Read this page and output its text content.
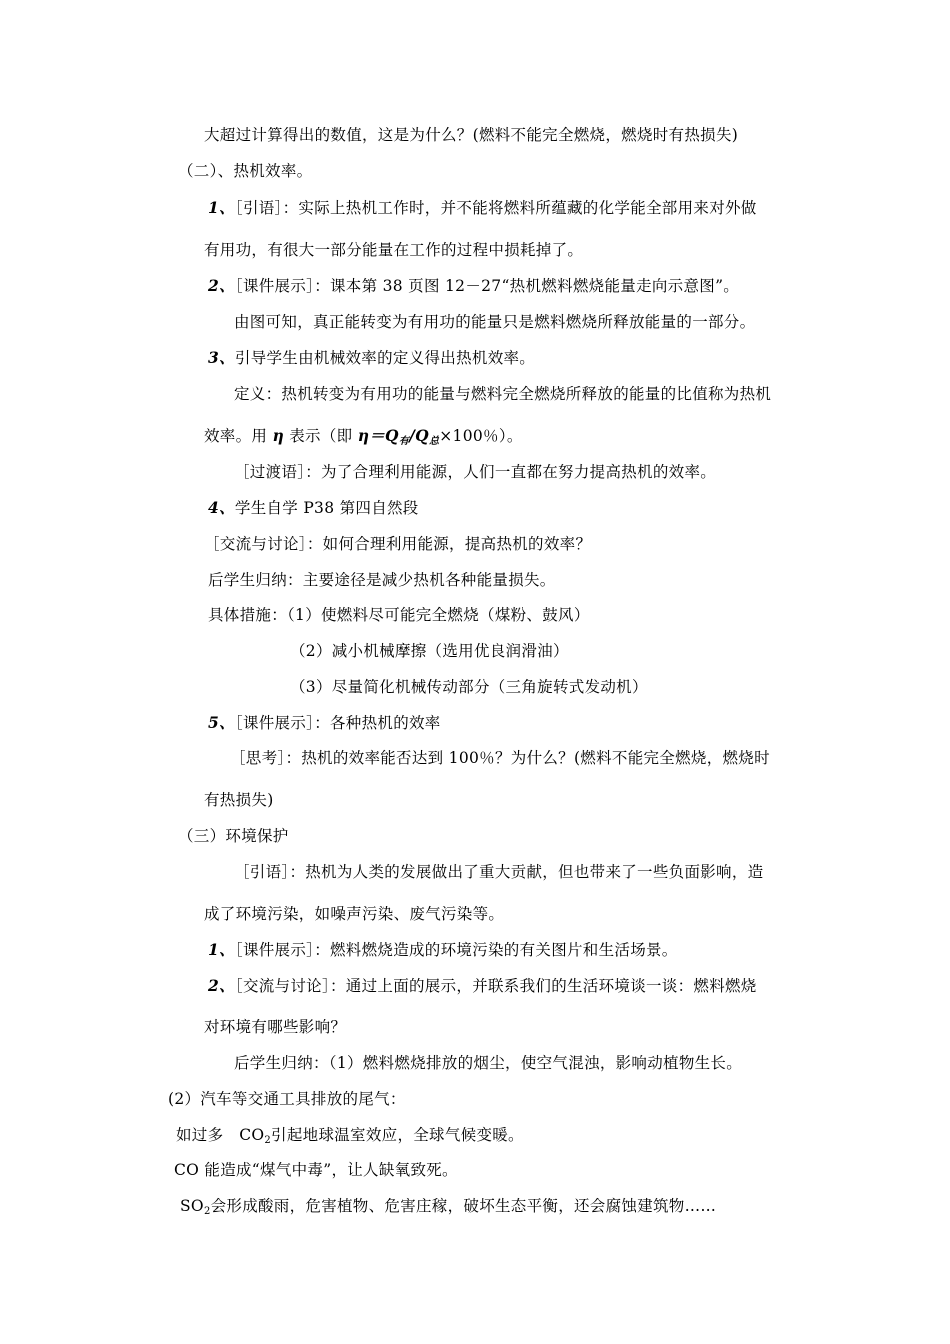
大超过计算得出的数值，这是为什么？(燃料不能完全燃烧，燃烧时有热损失)
（二）、热机效率。
1、［引语］：实际上热机工作时，并不能将燃料所蕴藏的化学能全部用来对外做
有用功，有很大一部分能量在工作的过程中损耗掉了。
2、［课件展示］：课本第 38 页图 12－27“热机燃料燃烧能量走向示意图”。
由图可知，真正能转变为有用功的能量只是燃料燃烧所释放能量的一部分。
3、引导学生由机械效率的定义得出热机效率。
定义：热机转变为有用功的能量与燃料完全燃烧所释放的能量的比值称为热机
效率。用 η 表示（即 η＝Q有/Q总×100％）。
［过渡语］：为了合理利用能源，人们一直都在努力提高热机的效率。
4、学生自学 P38 第四自然段
［交流与讨论］：如何合理利用能源，提高热机的效率？
后学生归纳：主要途径是减少热机各种能量损失。
具体措施：（1）使燃料尽可能完全燃烧（煤粉、鼓风）
（2）减小机械摩擦（选用优良润滑油）
（3）尽量简化机械传动部分（三角旋转式发动机）
5、［课件展示］：各种热机的效率
［思考］：热机的效率能否达到 100％？为什么？(燃料不能完全燃烧，燃烧时
有热损失)
（三）环境保护
［引语］：热机为人类的发展做出了重大贡献，但也带来了一些负面影响，造
成了环境污染，如噪声污染、废气污染等。
1、［课件展示］：燃料燃烧造成的环境污染的有关图片和生活场景。
2、［交流与讨论］：通过上面的展示，并联系我们的生活环境谈一谈：燃料燃烧
对环境有哪些影响？
后学生归纳：（1）燃料燃烧排放的烟尘，使空气混浊，影响动植物生长。
(2）汽车等交通工具排放的尾气：
如过多　$CO_2$引起地球温室效应，全球气候变暖。
CO 能造成“煤气中毒”，让人缺氧致死。
$SO_2$会形成酸雨，危害植物、危害庄稼，破坏生态平衡，还会腐蚀建筑物……
